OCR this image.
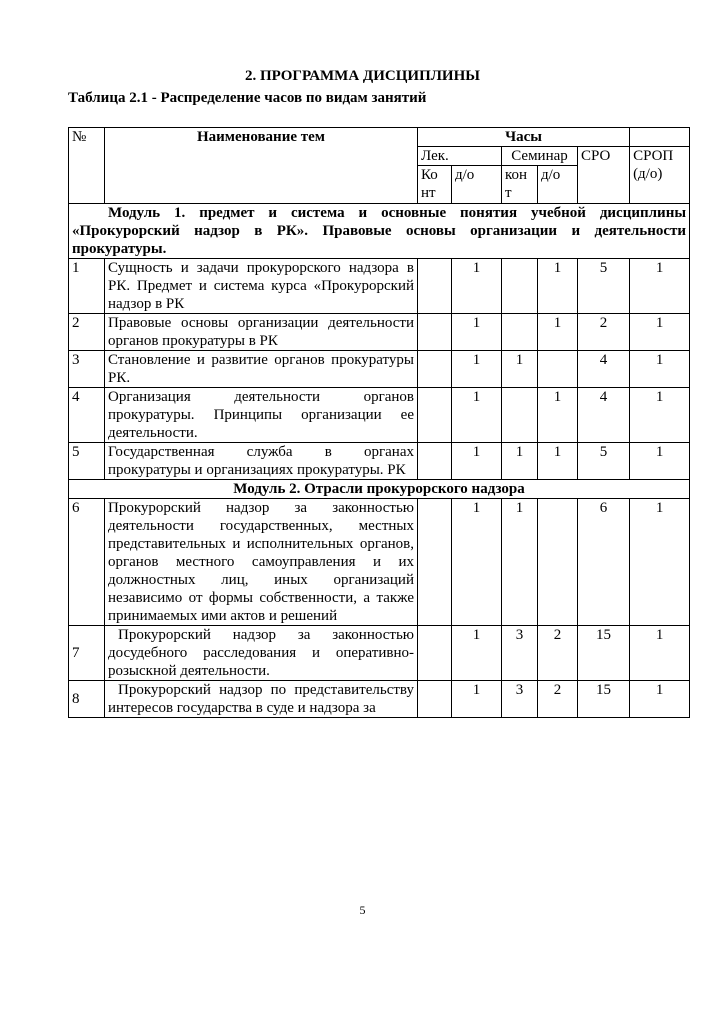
2. ПРОГРАММА ДИСЦИПЛИНЫ
Таблица 2.1 - Распределение часов по видам занятий
№	Наименование тем	Часы					
		Лек.		Семинар		СРО	СРОП (д/о)
		Ко нт	д/о	кон т	д/о		
Модуль 1. предмет и система и основные понятия учебной дисциплины «Прокурорский надзор в РК». Правовые основы организации и деятельности прокуратуры.							
1	Сущность и задачи прокурорского надзора в РК. Предмет и система курса «Прокурорский надзор в РК		1		1	5	1
2	Правовые основы организации деятельности органов прокуратуры в РК		1		1	2	1
3	Становление и развитие органов прокуратуры РК.		1	1		4	1
4	Организация деятельности органов прокуратуры. Принципы организации ее деятельности.		1		1	4	1
5	Государственная служба в органах прокуратуры и организациях прокуратуры. РК		1	1	1	5	1
Модуль 2. Отрасли прокурорского надзора							
6	Прокурорский надзор за законностью деятельности государственных, местных представительных и исполнительных органов, органов местного самоуправления и их должностных лиц, иных организаций независимо от формы собственности, а также принимаемых ими актов и решений		1	1		6	1
7	Прокурорский надзор за законностью досудебного расследования и оперативно-розыскной деятельности.		1	3	2	15	1
8	Прокурорский надзор по представительству интересов государства в суде и надзора за		1	3	2	15	1
5
